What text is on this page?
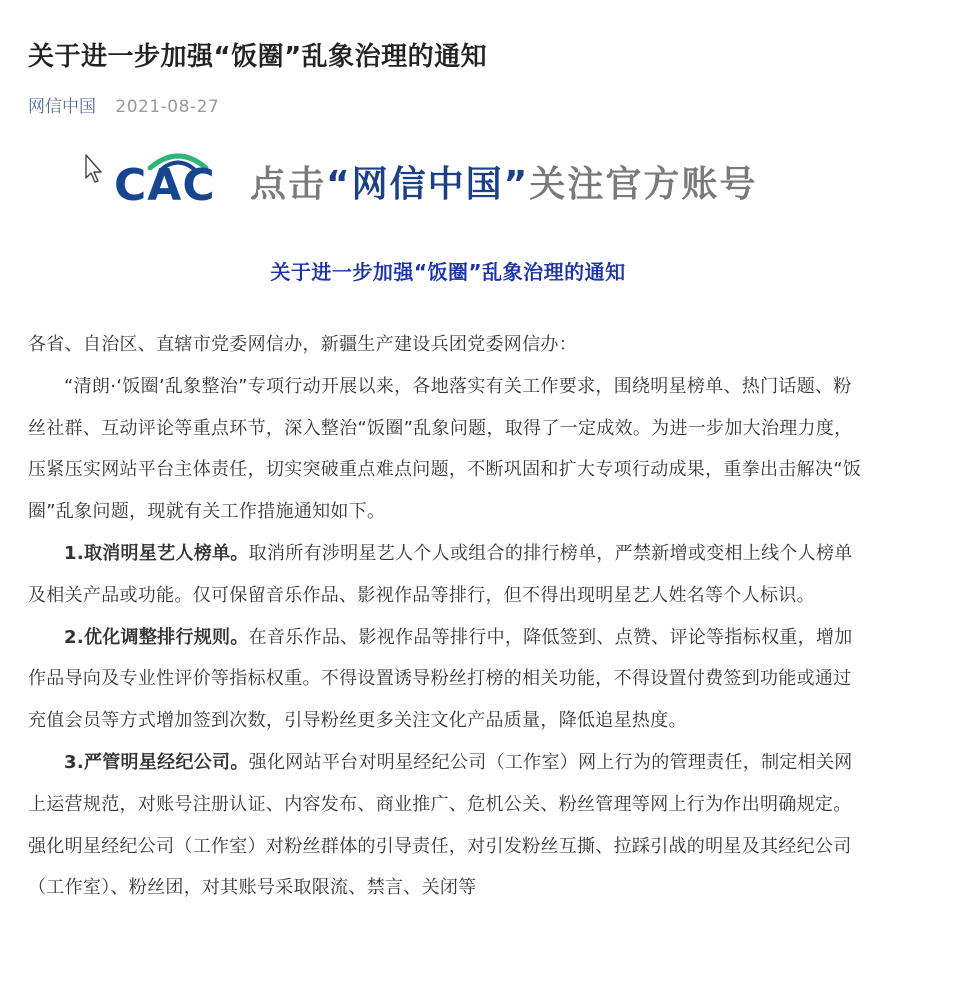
关于进一步加强“饭圈”乱象治理的通知
网信中国 2021-08-27
CAC 点击“网信中国”关注官方账号
关于进一步加强“饭圈”乱象治理的通知

各省、自治区、直辖市党委网信办，新疆生产建设兵团党委网信办：

“清朗·‘饭圈’乱象整治”专项行动开展以来，各地落实有关工作要求，围绕明星榜单、热门话题、粉丝社群、互动评论等重点环节，深入整治“饭圈”乱象问题，取得了一定成效。为进一步加大治理力度，压紧压实网站平台主体责任，切实突破重点难点问题，不断巩固和扩大专项行动成果，重拳出击解决“饭圈”乱象问题，现就有关工作措施通知如下。

1.取消明星艺人榜单。取消所有涉明星艺人个人或组合的排行榜单，严禁新增或变相上线个人榜单及相关产品或功能。仅可保留音乐作品、影视作品等排行，但不得出现明星艺人姓名等个人标识。

2.优化调整排行规则。在音乐作品、影视作品等排行中，降低签到、点赞、评论等指标权重，增加作品导向及专业性评价等指标权重。不得设置诱导粉丝打榜的相关功能，不得设置付费签到功能或通过充值会员等方式增加签到次数，引导粉丝更多关注文化产品质量，降低追星热度。

3.严管明星经纪公司。强化网站平台对明星经纪公司（工作室）网上行为的管理责任，制定相关网上运营规范，对账号注册认证、内容发布、商业推广、危机公关、粉丝管理等网上行为作出明确规定。强化明星经纪公司（工作室）对粉丝群体的引导责任，对引发粉丝互撕、拉踩引战的明星及其经纪公司（工作室）、粉丝团，对其账号采取限流、禁言、关闭等
